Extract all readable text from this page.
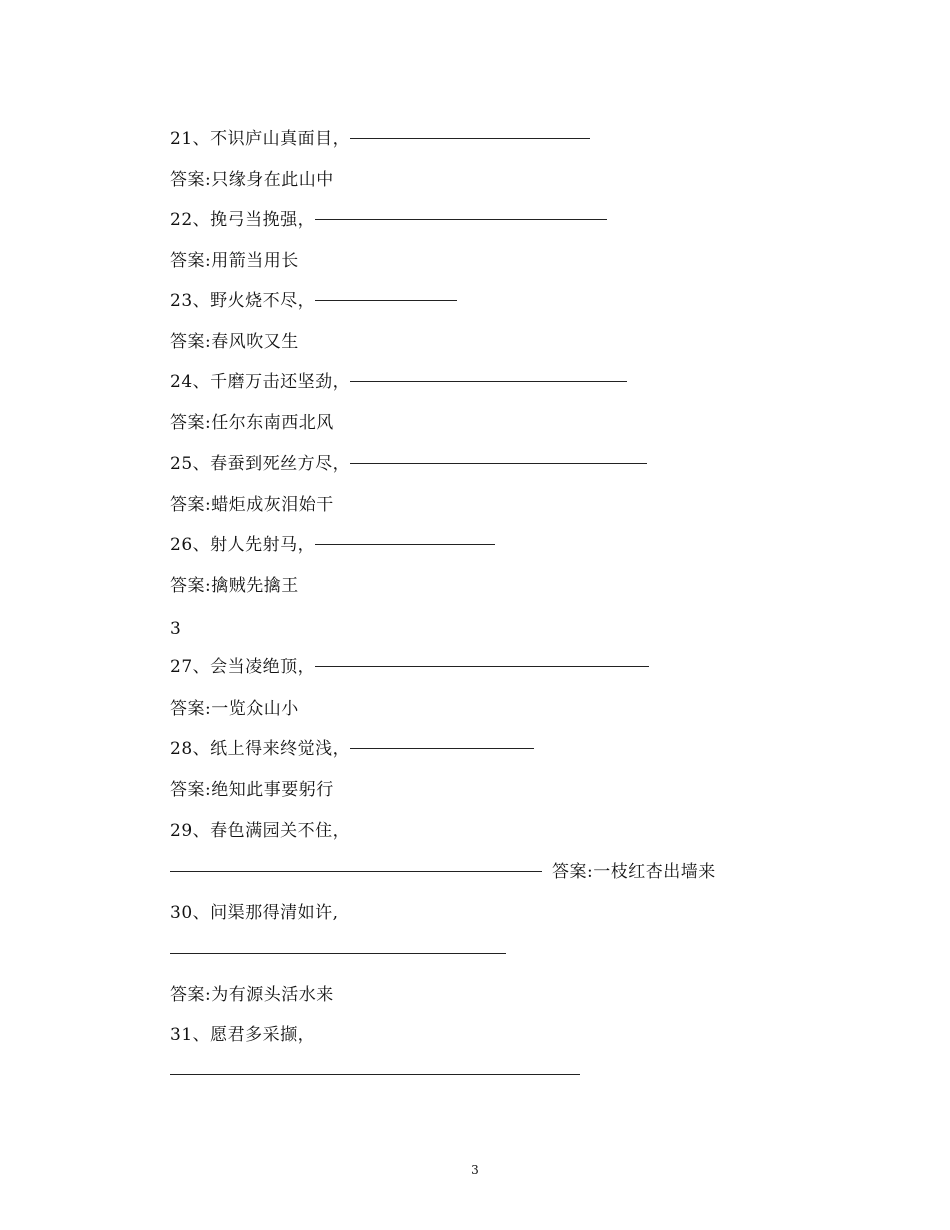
21、不识庐山真面目，
答案:只缘身在此山中
22、挽弓当挽强，
答案:用箭当用长
23、野火烧不尽，
答案:春风吹又生
24、千磨万击还坚劲，
答案:任尔东南西北风
25、春蚕到死丝方尽，
答案:蜡炬成灰泪始干
26、射人先射马，
答案:擒贼先擒王
3
27、会当凌绝顶，
答案:一览众山小
28、纸上得来终觉浅，
答案:绝知此事要躬行
29、春色满园关不住，
答案:一枝红杏出墙来
30、问渠那得清如许,
答案:为有源头活水来
31、愿君多采撷，
3
